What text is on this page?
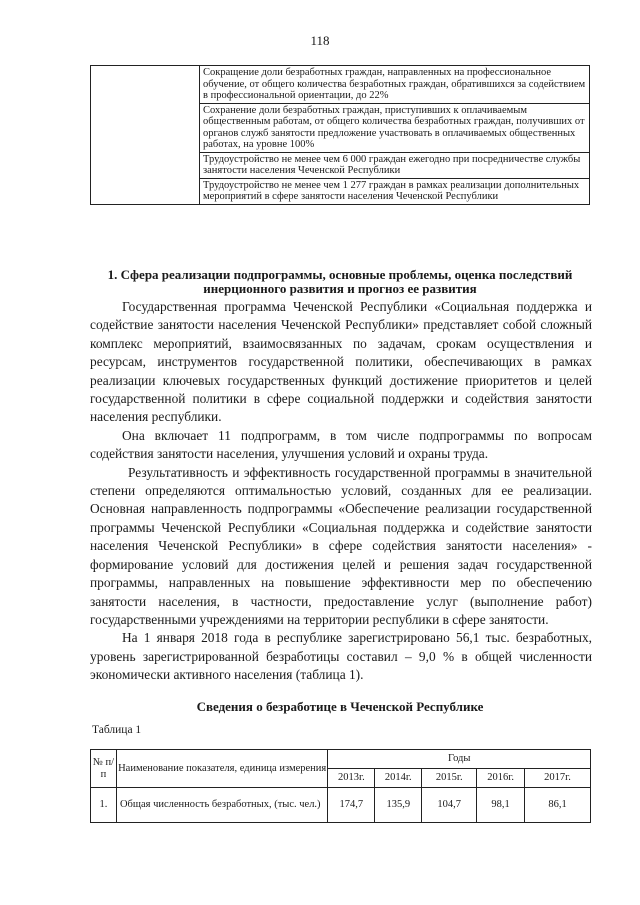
118
	Сокращение доли безработных граждан, направленных на профессиональное обучение, от общего количества безработных граждан, обратившихся за содействием в профессиональной ориентации, до 22%
Сохранение доли безработных граждан, приступивших к оплачиваемым общественным работам, от общего количества безработных граждан, получивших от органов служб занятости предложение участвовать в оплачиваемых общественных работах, на уровне 100%
Трудоустройство не менее чем 6 000 граждан ежегодно при посредничестве службы занятости населения Чеченской Республики
Трудоустройство не менее чем 1 277 граждан в рамках реализации дополнительных мероприятий в сфере занятости населения Чеченской Республики
1. Сфера реализации подпрограммы, основные проблемы, оценка последствий инерционного развития и прогноз ее развития

Государственная программа Чеченской Республики «Социальная поддержка и содействие занятости населения Чеченской Республики» представляет собой сложный комплекс мероприятий, взаимосвязанных по задачам, срокам осуществления и ресурсам, инструментов государственной политики, обеспечивающих в рамках реализации ключевых государственных функций достижение приоритетов и целей государственной политики в сфере социальной поддержки и содействия занятости населения республики.

Она включает 11 подпрограмм, в том числе подпрограммы по вопросам содействия занятости населения, улучшения условий и охраны труда.

Результативность и эффективность государственной программы в значительной степени определяются оптимальностью условий, созданных для ее реализации. Основная направленность подпрограммы «Обеспечение реализации государственной программы Чеченской Республики «Социальная поддержка и содействие занятости населения Чеченской Республики» в сфере содействия занятости населения» - формирование условий для достижения целей и решения задач государственной программы, направленных на повышение эффективности мер по обеспечению занятости населения, в частности, предоставление услуг (выполнение работ) государственными учреждениями на территории республики в сфере занятости.

На 1 января 2018 года в республике зарегистрировано 56,1 тыс. безработных, уровень зарегистрированной безработицы составил – 9,0 % в общей численности экономически активного населения (таблица 1).

Сведения о безработице в Чеченской Республике
Таблица 1
№ п/п	Наименование показателя, единица измерения	Годы				
		2013г.	2014г.	2015г.	2016г.	2017г.
1.	Общая численность безработных, (тыс. чел.)	174,7	135,9	104,7	98,1	86,1
